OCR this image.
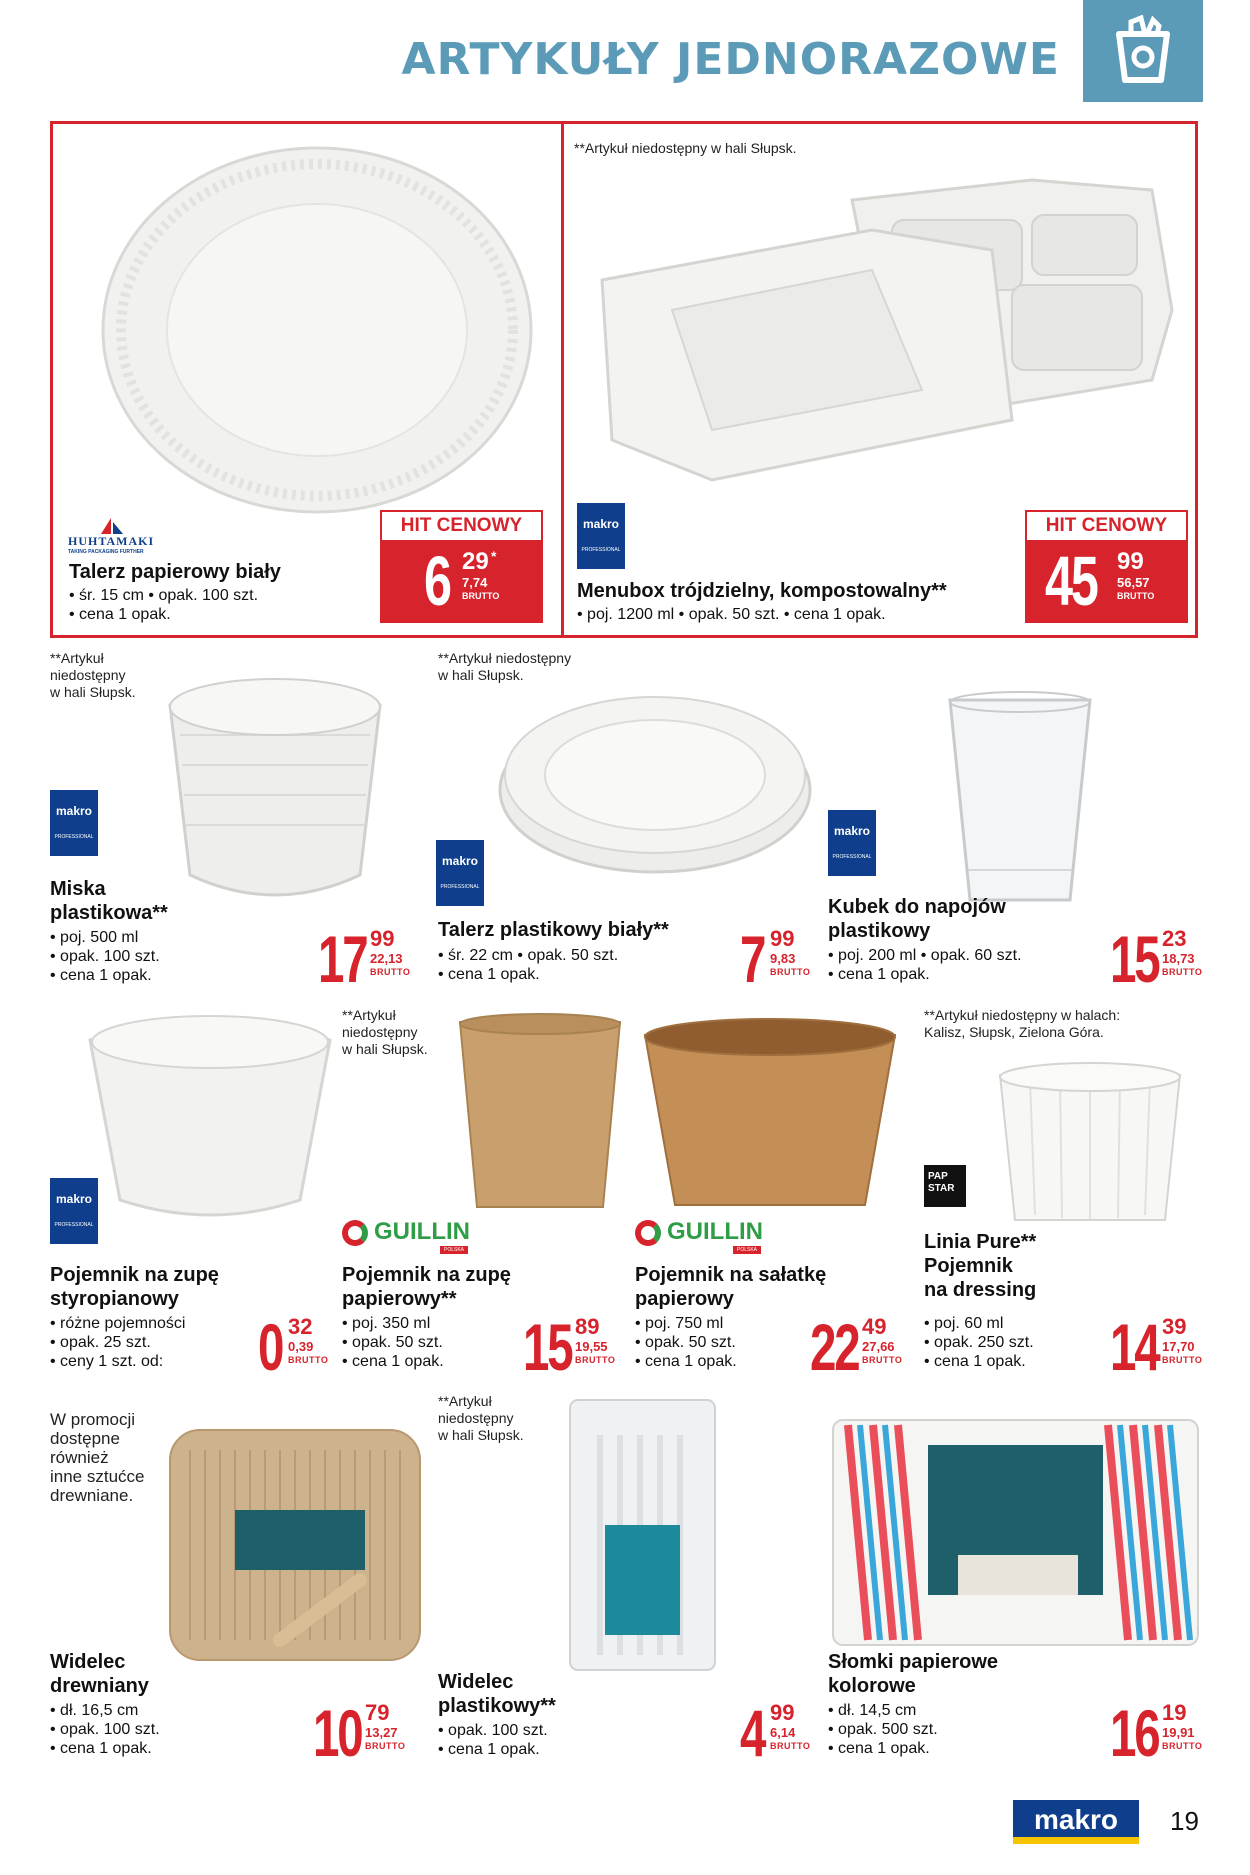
ARTYKUŁY JEDNORAZOWE
HUHTAMAKI
TAKING PACKAGING FURTHER
Talerz papierowy biały
• śr. 15 cm • opak. 100 szt.
• cena 1 opak.
HIT CENOWY
6 29 *
7,74
BRUTTO
**Artykuł niedostępny w hali Słupsk.
makro
PROFESSIONAL
Menubox trójdzielny, kompostowalny**
• poj. 1200 ml • opak. 50 szt. • cena 1 opak.
HIT CENOWY
45 99
56,57
BRUTTO
**Artykuł
niedostępny
w hali Słupsk.
makro
PROFESSIONAL
Miska
plastikowa**
• poj. 500 ml
• opak. 100 szt.
• cena 1 opak.	17 99
22,13
BRUTTO
**Artykuł niedostępny
w hali Słupsk.
makro
PROFESSIONAL
Talerz plastikowy biały**
• śr. 22 cm • opak. 50 szt.
• cena 1 opak.	7 99
9,83
BRUTTO
makro
PROFESSIONAL
Kubek do napojów
plastikowy
• poj. 200 ml • opak. 60 szt.
• cena 1 opak.	15 23
18,73
BRUTTO
makro
PROFESSIONAL
Pojemnik na zupę
styropianowy
• różne pojemności
• opak. 25 szt.
• ceny 1 szt. od:	0 32
0,39
BRUTTO
**Artykuł
niedostępny
w hali Słupsk.
GUILLIN
POLSKA
Pojemnik na zupę
papierowy**
• poj. 350 ml
• opak. 50 szt.
• cena 1 opak. 15 89
19,55
BRUTTO
GUILLIN
POLSKA
Pojemnik na sałatkę
papierowy
• poj. 750 ml
• opak. 50 szt.
• cena 1 opak. 22 49
27,66
BRUTTO
**Artykuł niedostępny w halach:
Kalisz, Słupsk, Zielona Góra.
PAP STAR
Linia Pure**
Pojemnik
na dressing
• poj. 60 ml
• opak. 250 szt.
• cena 1 opak. 14 39
17,70
BRUTTO
W promocji
dostępne
również
inne sztućce
drewniane.
Widelec
drewniany
• dł. 16,5 cm
• opak. 100 szt.
• cena 1 opak. 10 79
13,27
BRUTTO
**Artykuł
niedostępny
w hali Słupsk.
Widelec
plastikowy**
• opak. 100 szt.
• cena 1 opak.	4 99
6,14
BRUTTO
Słomki papierowe
kolorowe
• dł. 14,5 cm
• opak. 500 szt.
• cena 1 opak.	16 19
19,91
BRUTTO
makro	19
